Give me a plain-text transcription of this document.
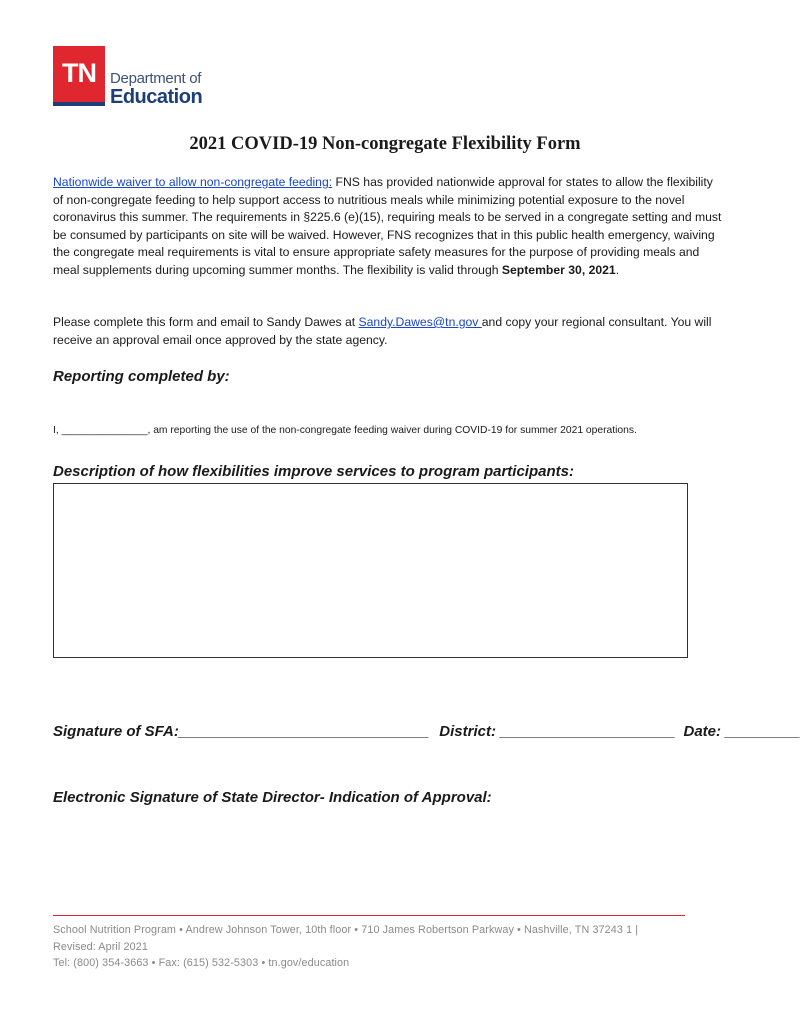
TN Department of
Education
2021 COVID-19 Non-congregate Flexibility Form
Nationwide waiver to allow non-congregate feeding: FNS has provided nationwide approval for states to allow the flexibility of non-congregate feeding to help support access to nutritious meals while minimizing potential exposure to the novel coronavirus this summer. The requirements in §225.6 (e)(15), requiring meals to be served in a congregate setting and must be consumed by participants on site will be waived. However, FNS recognizes that in this public health emergency, waiving the congregate meal requirements is vital to ensure appropriate safety measures for the purpose of providing meals and meal supplements during upcoming summer months. The flexibility is valid through September 30, 2021.
Please complete this form and email to Sandy Dawes at Sandy.Dawes@tn.gov and copy your regional consultant. You will receive an approval email once approved by the state agency.
Reporting completed by:
I, _______________, am reporting the use of the non-congregate feeding waiver during COVID-19 for summer 2021 operations.
Description of how flexibilities improve services to program participants:
Signature of SFA:______________________________ District: _____________________ Date: _________
Electronic Signature of State Director- Indication of Approval:
School Nutrition Program • Andrew Johnson Tower, 10th floor • 710 James Robertson Parkway • Nashville, TN 37243 1 |
Revised: April 2021
Tel: (800) 354-3663 • Fax: (615) 532-5303 • tn.gov/education
